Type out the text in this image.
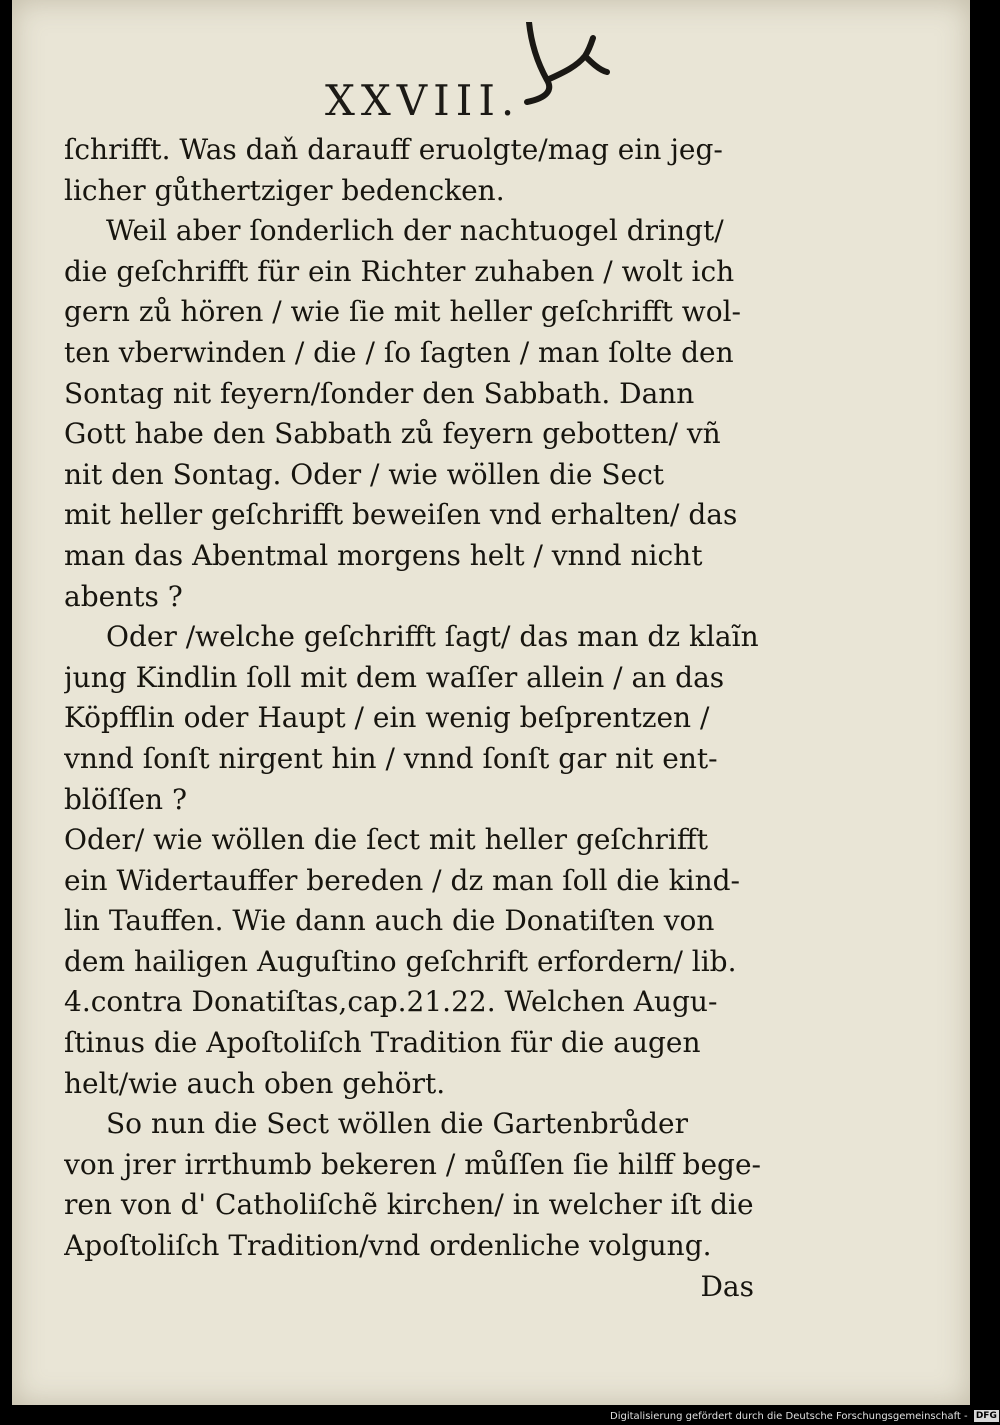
XXVIII.
ſchrifft. Was daň darauff eruolgte/mag ein jeg-
licher gůthertziger bedencken.
Weil aber ſonderlich der nachtuogel dringt/
die geſchrifft für ein Richter zuhaben / wolt ich
gern zů hören / wie ſie mit heller geſchrifft wol-
ten vberwinden / die / ſo ſagten / man ſolte den
Sontag nit feyern/ſonder den Sabbath. Dann
Gott habe den Sabbath zů feyern gebotten/ vñ
nit den Sontag. Oder / wie wöllen die Sect
mit heller geſchrifft beweiſen vnd erhalten/ das
man das Abentmal morgens helt / vnnd nicht
abents ?
Oder /welche geſchrifft ſagt/ das man dz klaĩn
jung Kindlin ſoll mit dem waſſer allein / an das
Köpfflin oder Haupt / ein wenig beſprentzen /
vnnd ſonſt nirgent hin / vnnd ſonſt gar nit ent-
blöſſen ?
Oder/ wie wöllen die ſect mit heller geſchrifft
ein Widertauffer bereden / dz man ſoll die kind-
lin Tauffen. Wie dann auch die Donatiſten von
dem hailigen Auguſtino geſchrift erfordern/ lib.
4.contra Donatiſtas,cap.21.22. Welchen Augu-
ſtinus die Apoſtoliſch Tradition für die augen
helt/wie auch oben gehört.
So nun die Sect wöllen die Gartenbrůder
von jrer irrthumb bekeren / můſſen ſie hilff bege-
ren von d' Catholiſchẽ kirchen/ in welcher iſt die
Apoſtoliſch Tradition/vnd ordenliche volgung.
Das
Digitalisierung gefördert durch die Deutsche Forschungsgemeinschaft - DFG
